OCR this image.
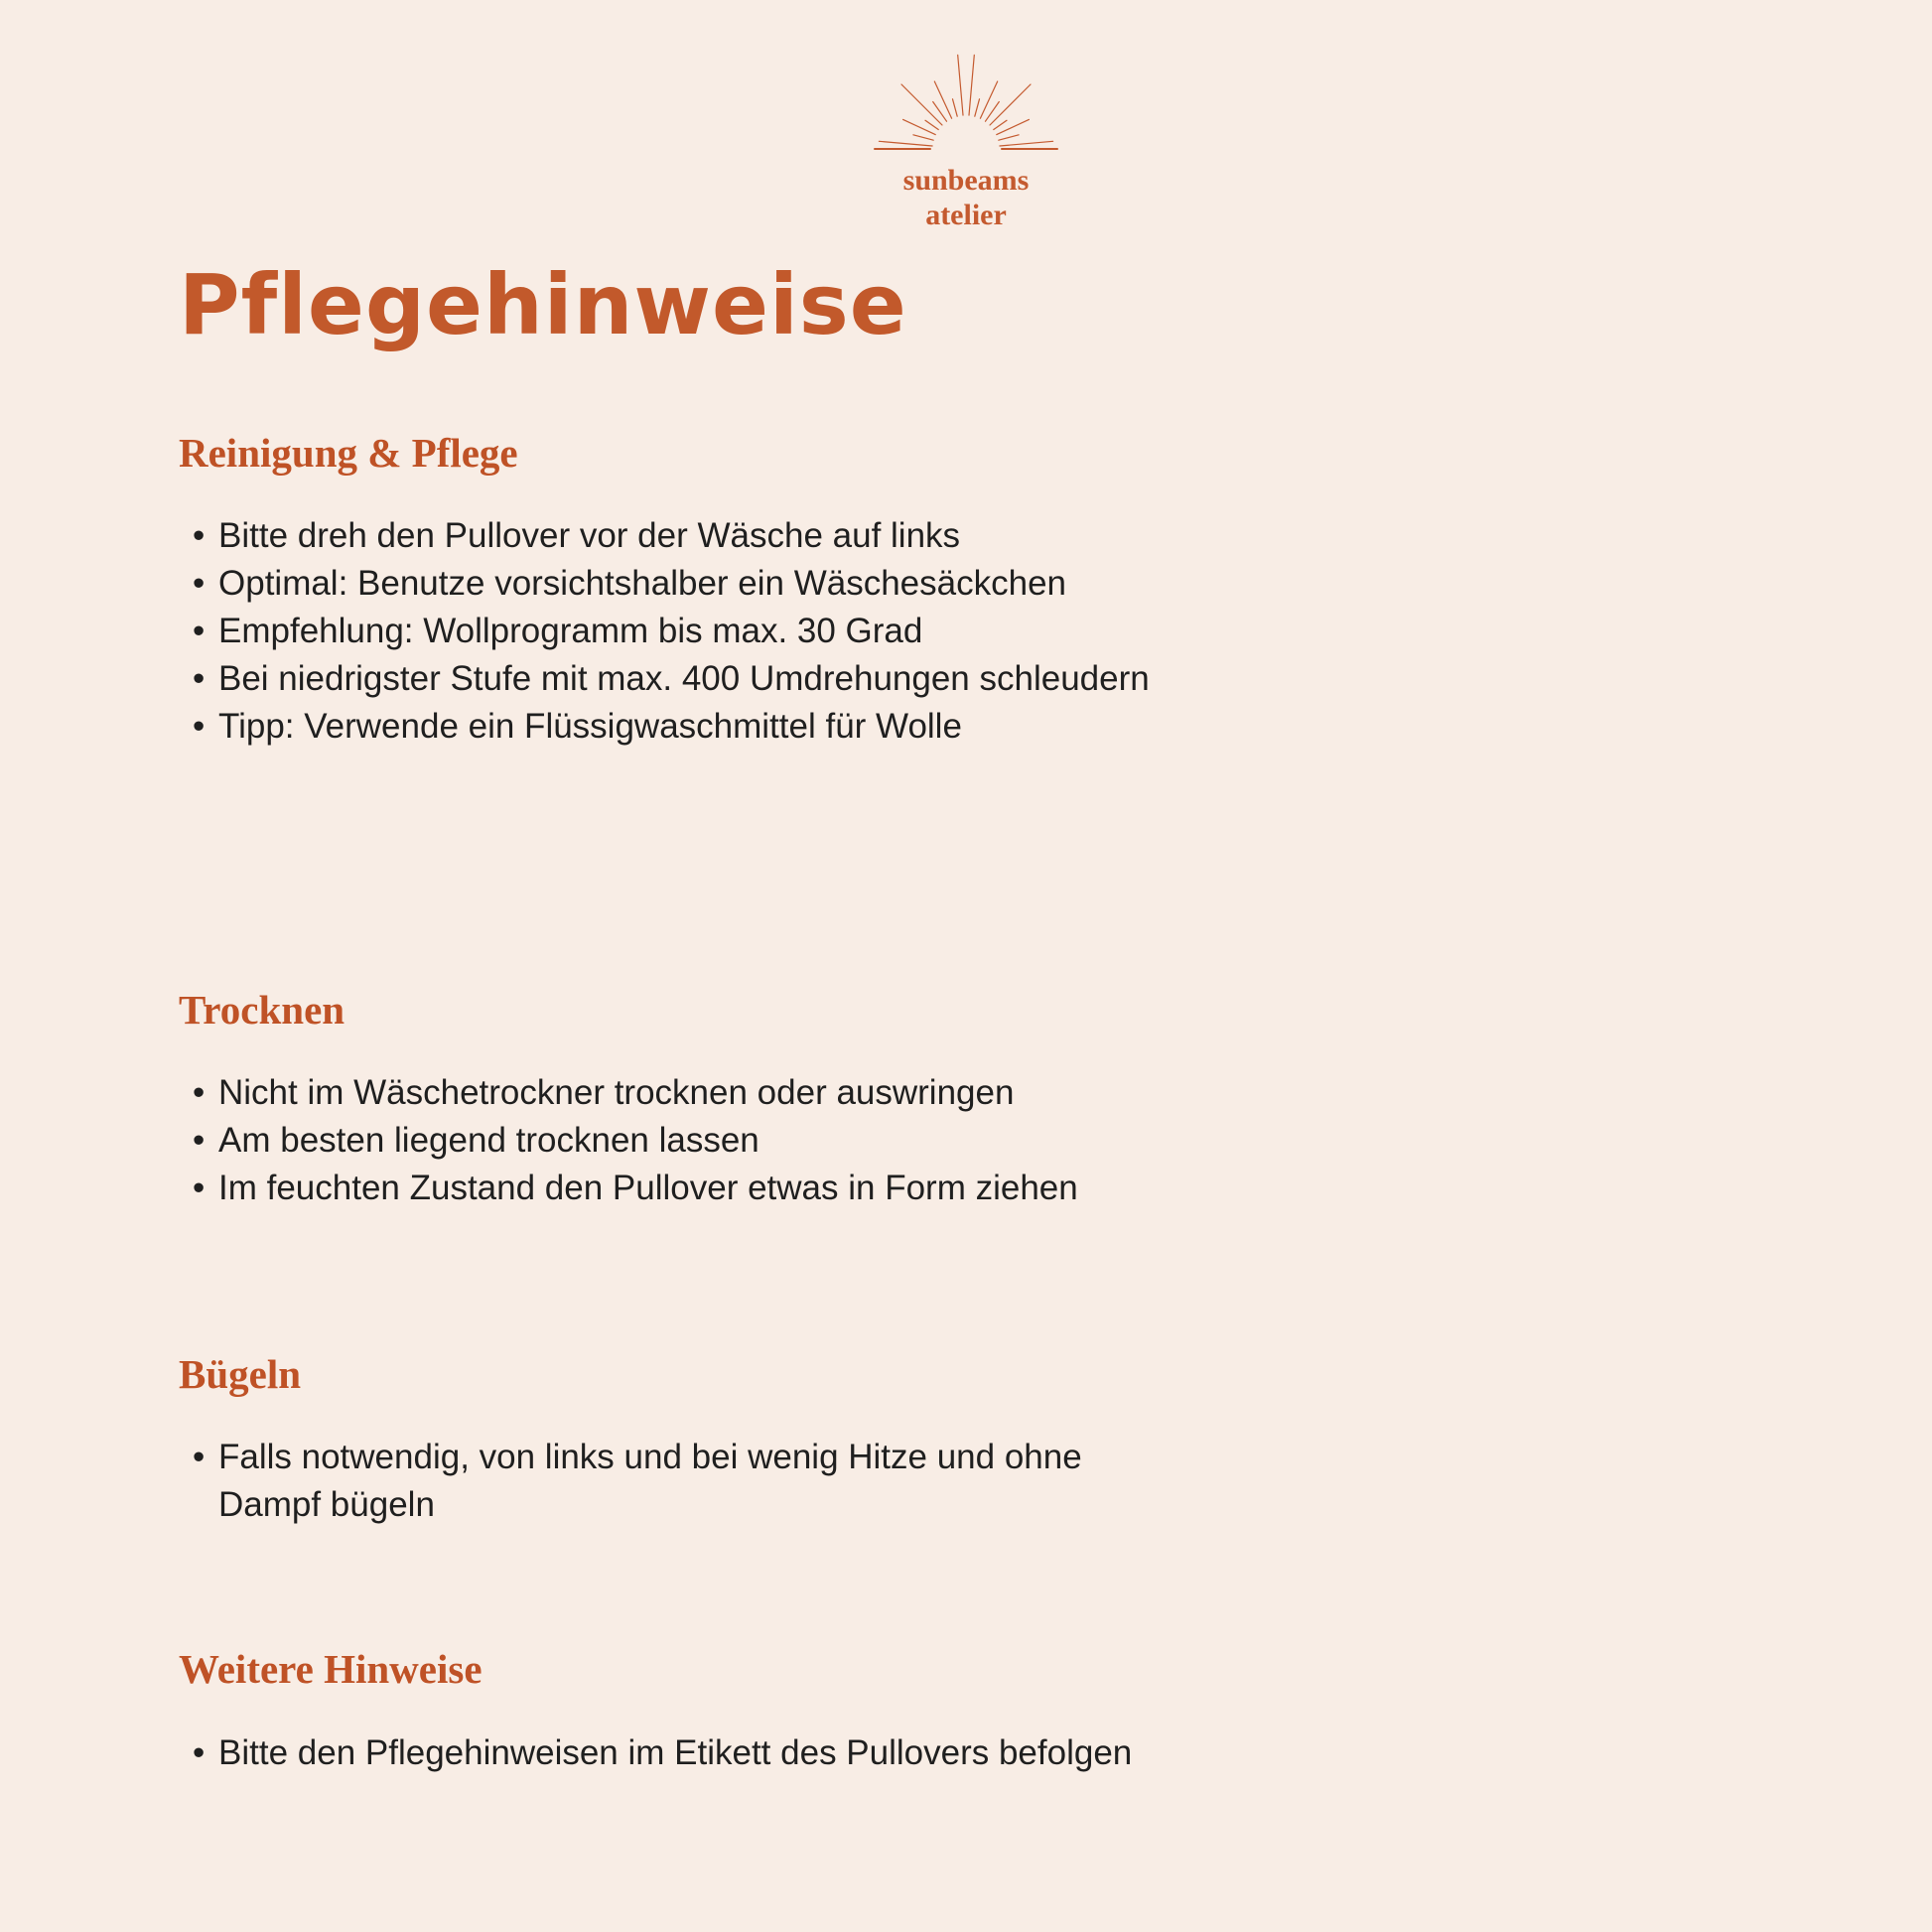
sunbeams
atelier
Pflegehinweise
Reinigung & Pflege
• Bitte dreh den Pullover vor der Wäsche auf links
• Optimal: Benutze vorsichtshalber ein Wäschesäckchen
• Empfehlung: Wollprogramm bis max. 30 Grad
• Bei niedrigster Stufe mit max. 400 Umdrehungen schleudern
• Tipp: Verwende ein Flüssigwaschmittel für Wolle
Trocknen
• Nicht im Wäschetrockner trocknen oder auswringen
• Am besten liegend trocknen lassen
• Im feuchten Zustand den Pullover etwas in Form ziehen
Bügeln
• Falls notwendig, von links und bei wenig Hitze und ohne Dampf bügeln
Weitere Hinweise
• Bitte den Pflegehinweisen im Etikett des Pullovers befolgen
